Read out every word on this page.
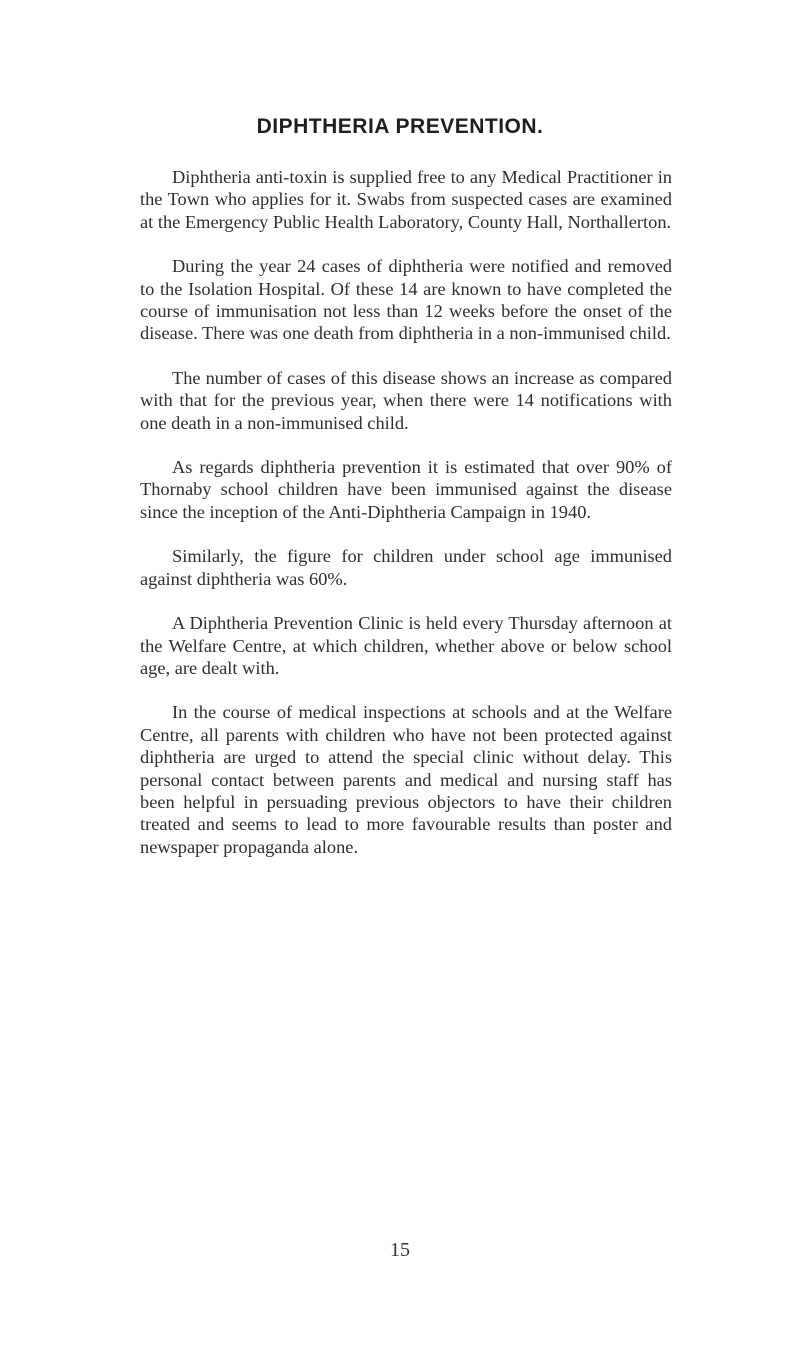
DIPHTHERIA PREVENTION.

Diphtheria anti-toxin is supplied free to any Medical Practitioner in the Town who applies for it. Swabs from suspected cases are examined at the Emergency Public Health Laboratory, County Hall, Northallerton.

During the year 24 cases of diphtheria were notified and removed to the Isolation Hospital. Of these 14 are known to have completed the course of immunisation not less than 12 weeks before the onset of the disease. There was one death from diphtheria in a non-immunised child.

The number of cases of this disease shows an increase as compared with that for the previous year, when there were 14 notifications with one death in a non-immunised child.

As regards diphtheria prevention it is estimated that over 90% of Thornaby school children have been immunised against the disease since the inception of the Anti-Diphtheria Campaign in 1940.

Similarly, the figure for children under school age immunised against diphtheria was 60%.

A Diphtheria Prevention Clinic is held every Thursday afternoon at the Welfare Centre, at which children, whether above or below school age, are dealt with.

In the course of medical inspections at schools and at the Welfare Centre, all parents with children who have not been protected against diphtheria are urged to attend the special clinic without delay. This personal contact between parents and medical and nursing staff has been helpful in persuading previous objectors to have their children treated and seems to lead to more favourable results than poster and newspaper propaganda alone.

15
